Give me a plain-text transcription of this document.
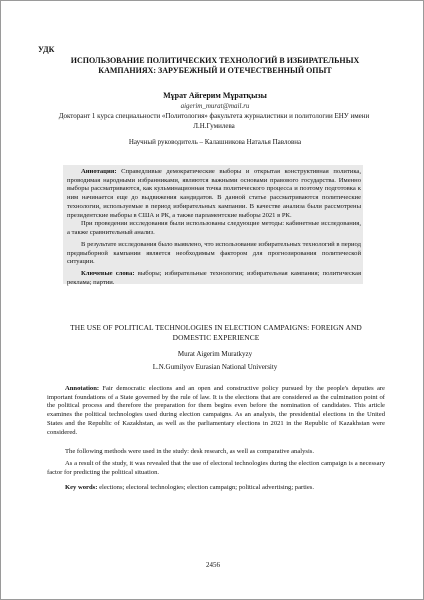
УДК

ИСПОЛЬЗОВАНИЕ ПОЛИТИЧЕСКИХ ТЕХНОЛОГИЙ В ИЗБИРАТЕЛЬНЫХ КАМПАНИЯХ: ЗАРУБЕЖНЫЙ И ОТЕЧЕСТВЕННЫЙ ОПЫТ

Мұрат Айгерим Мұратқызы

aigerim_murat@mail.ru

Докторант 1 курса специальности «Политология» факультета журналистики и политологии ЕНУ имени Л.Н.Гумилева

Научный руководитель – Калашникова Наталья Павловна

Аннотация: Справедливые демократические выборы и открытая конструктивная политика, проводимая народными избранниками, являются важными основами правового государства. Именно выборы рассматриваются, как кульминационная точка политического процесса и поэтому подготовка к ним начинается еще до выдвижения кандидатов. В данной статье рассматриваются политические технологии, используемые в период избирательных кампании. В качестве анализа были рассмотрены президентские выборы в США и РК, а также парламентские выборы 2021 в РК.

При проведении исследования были использованы следующие методы: кабинетные исследования, а также сравнительный анализ.

В результате исследования было выявлено, что использование избирательных технологий в период предвыборной кампании является необходимым фактором для прогнозирования политической ситуации.

Ключевые слова: выборы; избирательные технологии; избирательная кампания; политическая реклама; партии.

THE USE OF POLITICAL TECHNOLOGIES IN ELECTION CAMPAIGNS: FOREIGN AND DOMESTIC EXPERIENCE

Murat Aigerim Muratkyzy

L.N.Gumilyov Eurasian National University

Annotation: Fair democratic elections and an open and constructive policy pursued by the people's deputies are important foundations of a State governed by the rule of law. It is the elections that are considered as the culmination point of the political process and therefore the preparation for them begins even before the nomination of candidates. This article examines the political technologies used during election campaigns. As an analysis, the presidential elections in the United States and the Republic of Kazakhstan, as well as the parliamentary elections in 2021 in the Republic of Kazakhstan were considered.

The following methods were used in the study: desk research, as well as comparative analysis.

As a result of the study, it was revealed that the use of electoral technologies during the election campaign is a necessary factor for predicting the political situation.

Key words: elections; electoral technologies; election campaign; political advertising; parties.

2456
